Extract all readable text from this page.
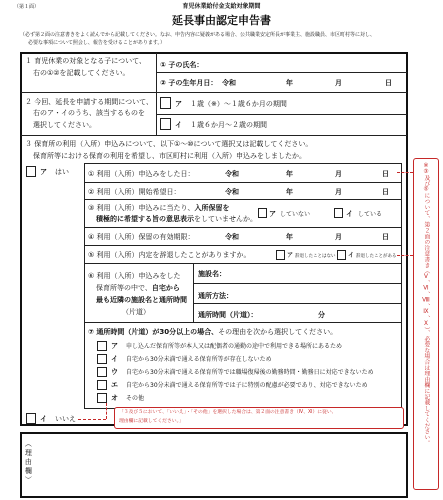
（第１面）	育児休業給付金支給対象期間
延長事由認定申告書
（必ず第２面の注意書きをよく読んでから記載してください。なお、申告内容に疑義がある場合、公共職業安定所長が事業主、施設職員、市区町村等に対し、
必要な事項について照会し、報告を受けることがあります。）
１ 育児休業の対象となる子について、
右の①②を記載してください。
① 子の氏名：
② 子の生年月日： 令和	年	月	日
２ 今回、延長を申請する期間について、
右のア・イのうち、該当するものを
選択してください。
ア １歳（※）～１歳６か月の期間
イ １歳６か月～２歳の期間
３ 保育所の利用（入所）申込みについて、以下①～⑩について選択又は記載してください。
保育所等における保育の利用を希望し、市区町村に利用（入所）申込みをしましたか。
ア はい	① 利用（入所）申込みをした日：	令和	年	月	日
② 利用（入所）開始希望日：	令和	年	月	日
③ 利用（入所）申込みに当たり、入所保留を
積極的に希望する旨の意思表示をしていませんか。
ア していない	イ している
④ 利用（入所）保留の有効期限：	令和	年	月	日
⑤ 利用（入所）内定を辞退したことがありますか。	ア 辞退したことはない イ 辞退したことがある
⑥ 利用（入所）申込みをした
保育所等の中で、自宅から
最も近隣の施設名と通所時間
（片道）
施設名：
通所方法：
通所時間（片道）：	分
⑦ 通所時間（片道）が30分以上の場合、その理由を次から選択してください。
ア 申し込んだ保育所等が本人又は配偶者の通勤の途中で利用できる場所にあるため
イ 自宅から30分未満で通える保育所等が存在しないため
ウ 自宅から30分未満で通える保育所等では職場復帰後の勤務時間・勤務日に対応できないため
エ 自宅から30分未満で通える保育所等では子に特別の配慮が必要であり、対応できないため
オ その他
イ いいえ
「３及び５において、「いいえ」・「その他」を選択した場合は、第２面の注意書き（Ⅳ、Ⅺ）に従い、
理由欄に記載してください。」
（理由欄）
※③及び⑤について、第２面の注意書き（Ⅴ、Ⅵ、Ⅷ、Ⅸ、Ⅹ）、必要な場合は理由欄に記載してください。
